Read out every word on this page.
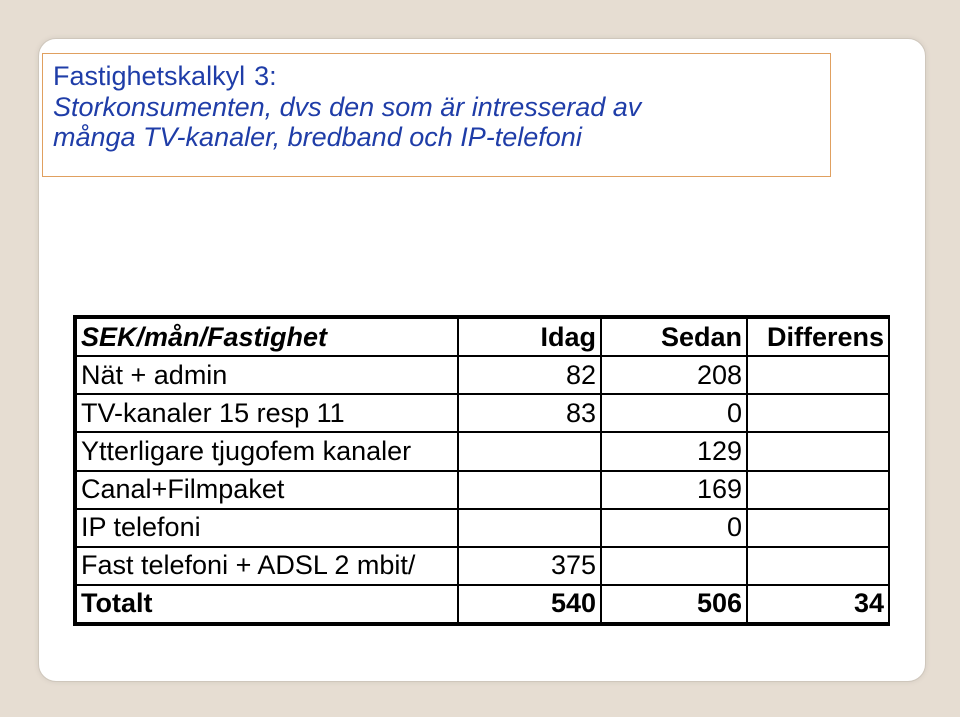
Fastighetskalkyl 3:
Storkonsumenten, dvs den som är intresserad av
många TV-kanaler, bredband och IP-telefoni
SEK/mån/Fastighet	Idag	Sedan	Differens
Nät + admin	82	208	
TV-kanaler 15 resp 11	83	0	
Ytterligare tjugofem kanaler		129	
Canal+Filmpaket		169	
IP telefoni		0	
Fast telefoni + ADSL 2 mbit/	375		
Totalt	540	506	34
